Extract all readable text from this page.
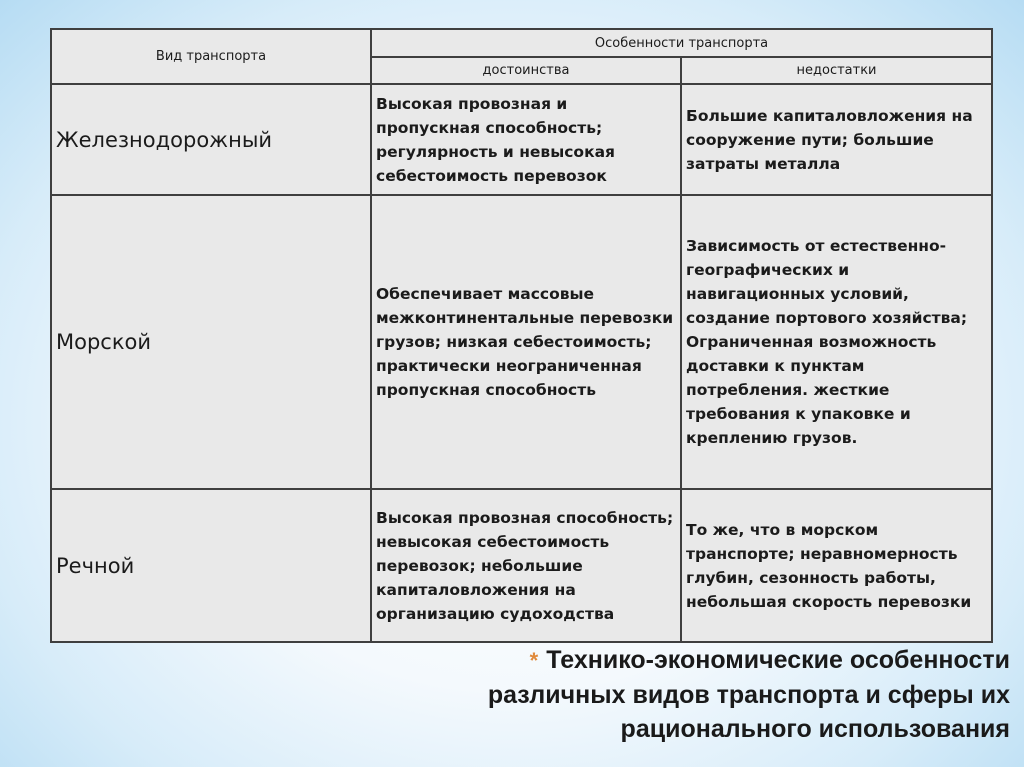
Вид транспорта	Особенности транспорта	
	достоинства	недостатки
Железнодорожный	Высокая провозная и пропускная способность; регулярность и невысокая себестоимость перевозок	Большие капиталовложения на сооружение пути; большие затраты металла
Морской	Обеспечивает массовые межконтинентальные перевозки грузов; низкая себестоимость; практически неограниченная пропускная способность	Зависимость от естественно-географических и навигационных условий, создание портового хозяйства; Ограниченная возможность доставки к пунктам потребления. жесткие требования к упаковке и креплению грузов.
Речной	Высокая провозная способность; невысокая себестоимость перевозок; небольшие капиталовложения на организацию судоходства	То же, что в морском транспорте; неравномерность глубин, сезонность работы, небольшая скорость перевозки
* Технико-экономические особенности различных видов транспорта и сферы их рационального использования
